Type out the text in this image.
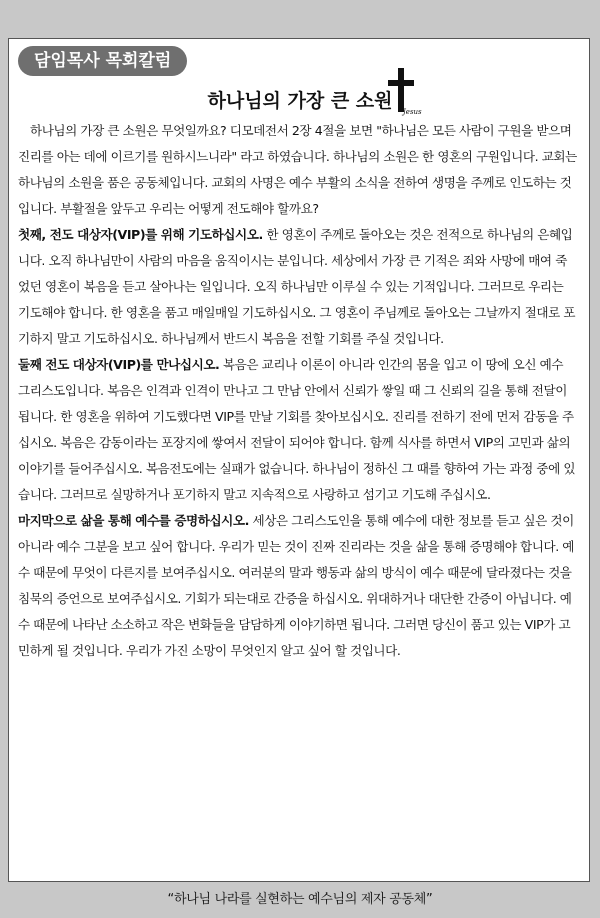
담임목사 목회칼럼
하나님의 가장 큰 소원	Jesus

하나님의 가장 큰 소원은 무엇일까요? 디모데전서 2장 4절을 보면 "하나님은 모든 사람이 구원을 받으며 진리를 아는 데에 이르기를 원하시느니라" 라고 하였습니다. 하나님의 소원은 한 영혼의 구원입니다. 교회는 하나님의 소원을 품은 공동체입니다. 교회의 사명은 예수 부활의 소식을 전하여 생명을 주께로 인도하는 것입니다. 부활절을 앞두고 우리는 어떻게 전도해야 할까요?

첫째, 전도 대상자(VIP)를 위해 기도하십시오. 한 영혼이 주께로 돌아오는 것은 전적으로 하나님의 은혜입니다. 오직 하나님만이 사람의 마음을 움직이시는 분입니다. 세상에서 가장 큰 기적은 죄와 사망에 매여 죽었던 영혼이 복음을 듣고 살아나는 일입니다. 오직 하나님만 이루실 수 있는 기적입니다. 그러므로 우리는 기도해야 합니다. 한 영혼을 품고 매일매일 기도하십시오. 그 영혼이 주님께로 돌아오는 그날까지 절대로 포기하지 말고 기도하십시오. 하나님께서 반드시 복음을 전할 기회를 주실 것입니다.

둘째 전도 대상자(VIP)를 만나십시오. 복음은 교리나 이론이 아니라 인간의 몸을 입고 이 땅에 오신 예수 그리스도입니다. 복음은 인격과 인격이 만나고 그 만남 안에서 신뢰가 쌓일 때 그 신뢰의 길을 통해 전달이 됩니다. 한 영혼을 위하여 기도했다면 VIP를 만날 기회를 찾아보십시오. 진리를 전하기 전에 먼저 감동을 주십시오. 복음은 감동이라는 포장지에 쌓여서 전달이 되어야 합니다. 함께 식사를 하면서 VIP의 고민과 삶의 이야기를 들어주십시오. 복음전도에는 실패가 없습니다. 하나님이 정하신 그 때를 향하여 가는 과정 중에 있습니다. 그러므로 실망하거나 포기하지 말고 지속적으로 사랑하고 섬기고 기도해 주십시오.

마지막으로 삶을 통해 예수를 증명하십시오. 세상은 그리스도인을 통해 예수에 대한 정보를 듣고 싶은 것이 아니라 예수 그분을 보고 싶어 합니다. 우리가 믿는 것이 진짜 진리라는 것을 삶을 통해 증명해야 합니다. 예수 때문에 무엇이 다른지를 보여주십시오. 여러분의 말과 행동과 삶의 방식이 예수 때문에 달라졌다는 것을 침묵의 증언으로 보여주십시오. 기회가 되는대로 간증을 하십시오. 위대하거나 대단한 간증이 아닙니다. 예수 때문에 나타난 소소하고 작은 변화들을 담담하게 이야기하면 됩니다. 그러면 당신이 품고 있는 VIP가 고민하게 될 것입니다. 우리가 가진 소망이 무엇인지 알고 싶어 할 것입니다.

“하나님 나라를 실현하는 예수님의 제자 공동체”
